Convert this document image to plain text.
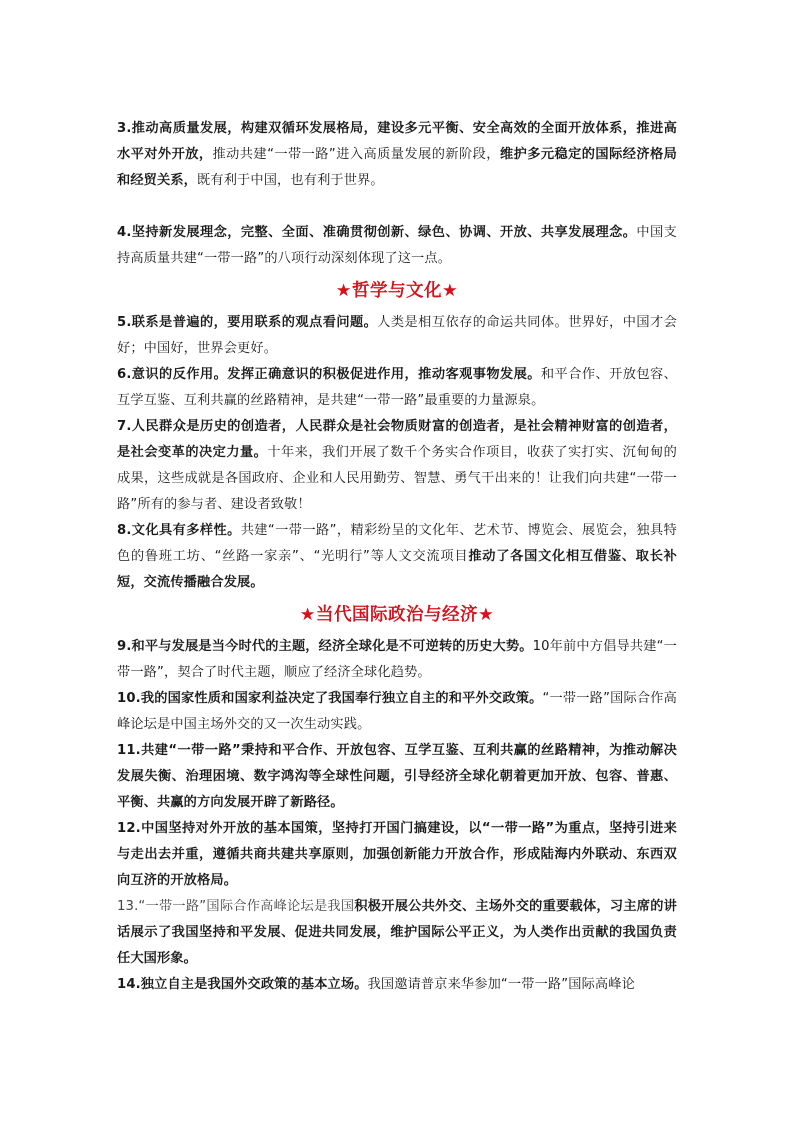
3.推动高质量发展，构建双循环发展格局，建设多元平衡、安全高效的全面开放体系，推进高水平对外开放，推动共建“一带一路”进入高质量发展的新阶段，维护多元稳定的国际经济格局和经贸关系，既有利于中国，也有利于世界。

4.坚持新发展理念，完整、全面、准确贯彻创新、绿色、协调、开放、共享发展理念。中国支持高质量共建“一带一路”的八项行动深刻体现了这一点。

★哲学与文化★

5.联系是普遍的，要用联系的观点看问题。人类是相互依存的命运共同体。世界好，中国才会好；中国好，世界会更好。

6.意识的反作用。发挥正确意识的积极促进作用，推动客观事物发展。和平合作、开放包容、互学互鉴、互利共赢的丝路精神，是共建“一带一路”最重要的力量源泉。

7.人民群众是历史的创造者，人民群众是社会物质财富的创造者，是社会精神财富的创造者，是社会变革的决定力量。十年来，我们开展了数千个务实合作项目，收获了实打实、沉甸甸的成果，这些成就是各国政府、企业和人民用勤劳、智慧、勇气干出来的！让我们向共建“一带一路”所有的参与者、建设者致敬！

8.文化具有多样性。共建“一带一路”，精彩纷呈的文化年、艺术节、博览会、展览会，独具特色的鲁班工坊、“丝路一家亲”、“光明行”等人文交流项目推动了各国文化相互借鉴、取长补短，交流传播融合发展。

★当代国际政治与经济★

9.和平与发展是当今时代的主题，经济全球化是不可逆转的历史大势。10年前中方倡导共建“一带一路”，契合了时代主题，顺应了经济全球化趋势。

10.我的国家性质和国家利益决定了我国奉行独立自主的和平外交政策。“一带一路”国际合作高峰论坛是中国主场外交的又一次生动实践。

11.共建“一带一路”秉持和平合作、开放包容、互学互鉴、互利共赢的丝路精神，为推动解决发展失衡、治理困境、数字鸿沟等全球性问题，引导经济全球化朝着更加开放、包容、普惠、平衡、共赢的方向发展开辟了新路径。

12.中国坚持对外开放的基本国策，坚持打开国门搞建设，以“一带一路”为重点，坚持引进来与走出去并重，遵循共商共建共享原则，加强创新能力开放合作，形成陆海内外联动、东西双向互济的开放格局。

13.“一带一路”国际合作高峰论坛是我国积极开展公共外交、主场外交的重要载体，习主席的讲话展示了我国坚持和平发展、促进共同发展，维护国际公平正义，为人类作出贡献的我国负责任大国形象。

14.独立自主是我国外交政策的基本立场。我国邀请普京来华参加“一带一路”国际高峰论
